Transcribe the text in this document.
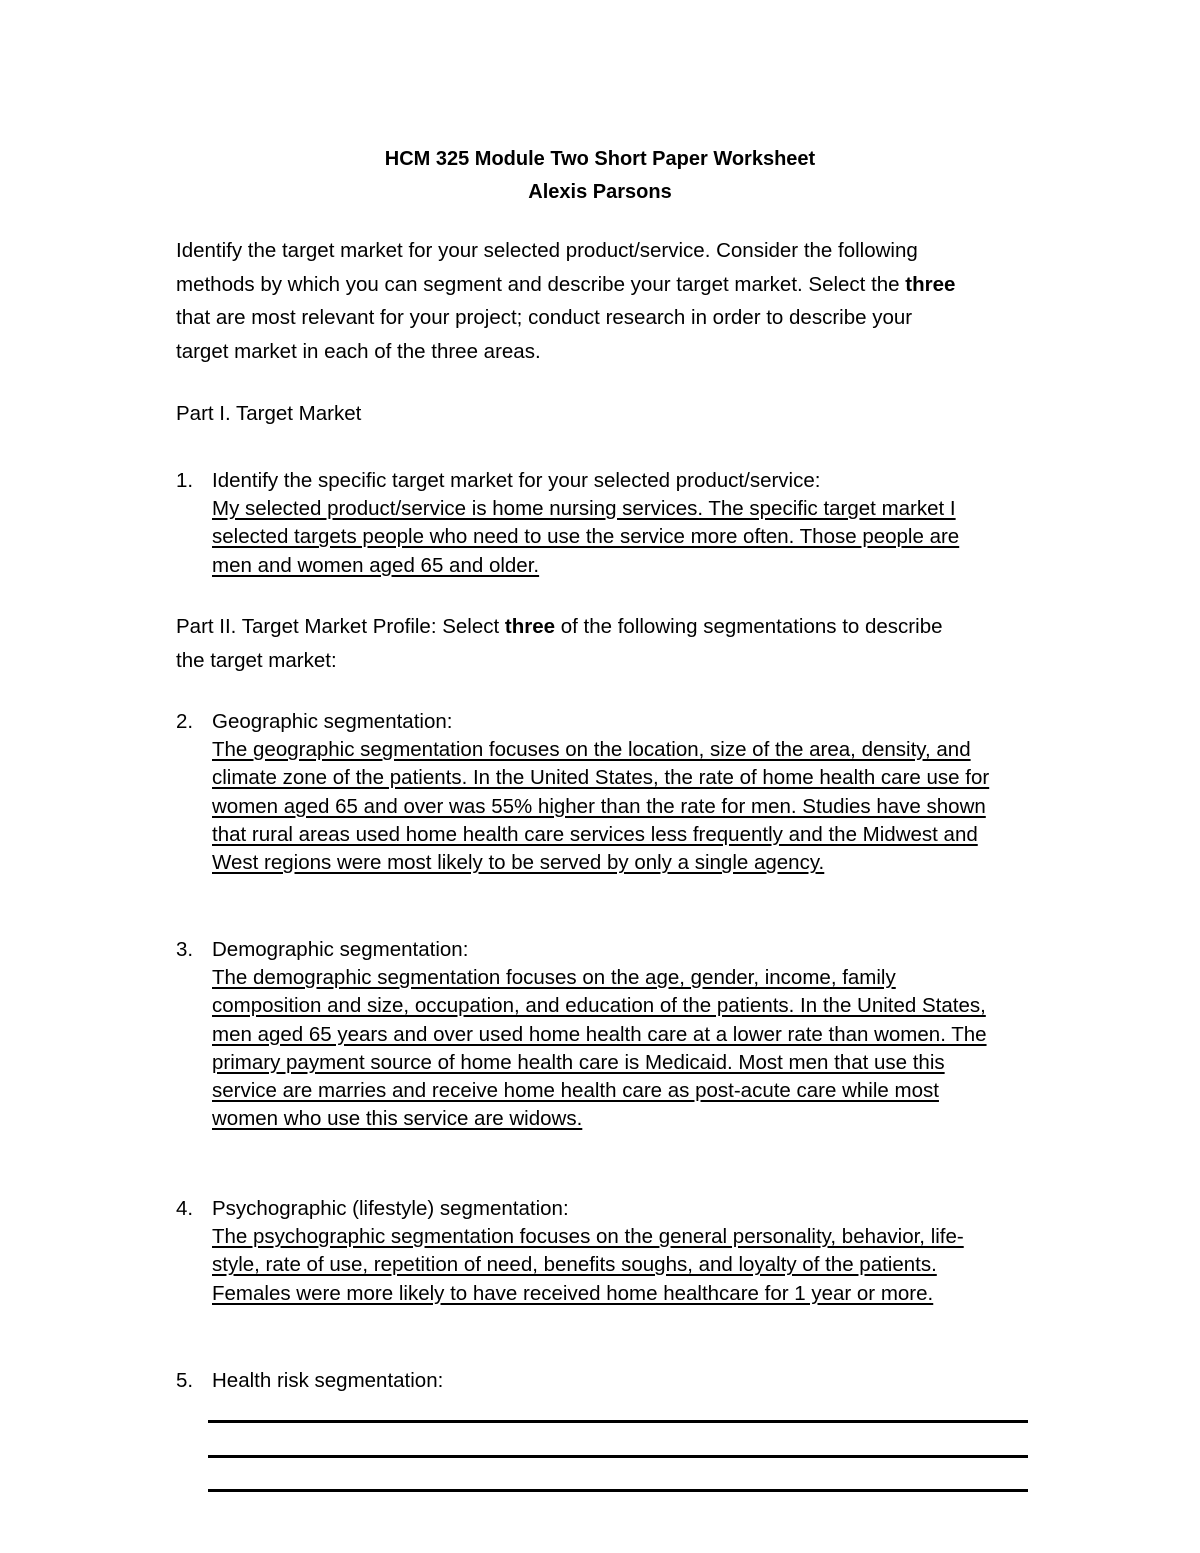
HCM 325 Module Two Short Paper Worksheet
Alexis Parsons
Identify the target market for your selected product/service. Consider the following
methods by which you can segment and describe your target market. Select the three
that are most relevant for your project; conduct research in order to describe your
target market in each of the three areas.
Part I. Target Market
1. Identify the specific target market for your selected product/service:
My selected product/service is home nursing services. The specific target market I
selected targets people who need to use the service more often. Those people are
men and women aged 65 and older.
Part II. Target Market Profile: Select three of the following segmentations to describe
the target market:
2. Geographic segmentation:
The geographic segmentation focuses on the location, size of the area, density, and
climate zone of the patients. In the United States, the rate of home health care use for
women aged 65 and over was 55% higher than the rate for men. Studies have shown
that rural areas used home health care services less frequently and the Midwest and
West regions were most likely to be served by only a single agency.
3. Demographic segmentation:
The demographic segmentation focuses on the age, gender, income, family
composition and size, occupation, and education of the patients. In the United States,
men aged 65 years and over used home health care at a lower rate than women. The
primary payment source of home health care is Medicaid. Most men that use this
service are marries and receive home health care as post-acute care while most
women who use this service are widows.
4. Psychographic (lifestyle) segmentation:
The psychographic segmentation focuses on the general personality, behavior, life-
style, rate of use, repetition of need, benefits soughs, and loyalty of the patients.
Females were more likely to have received home healthcare for 1 year or more.
5. Health risk segmentation:
